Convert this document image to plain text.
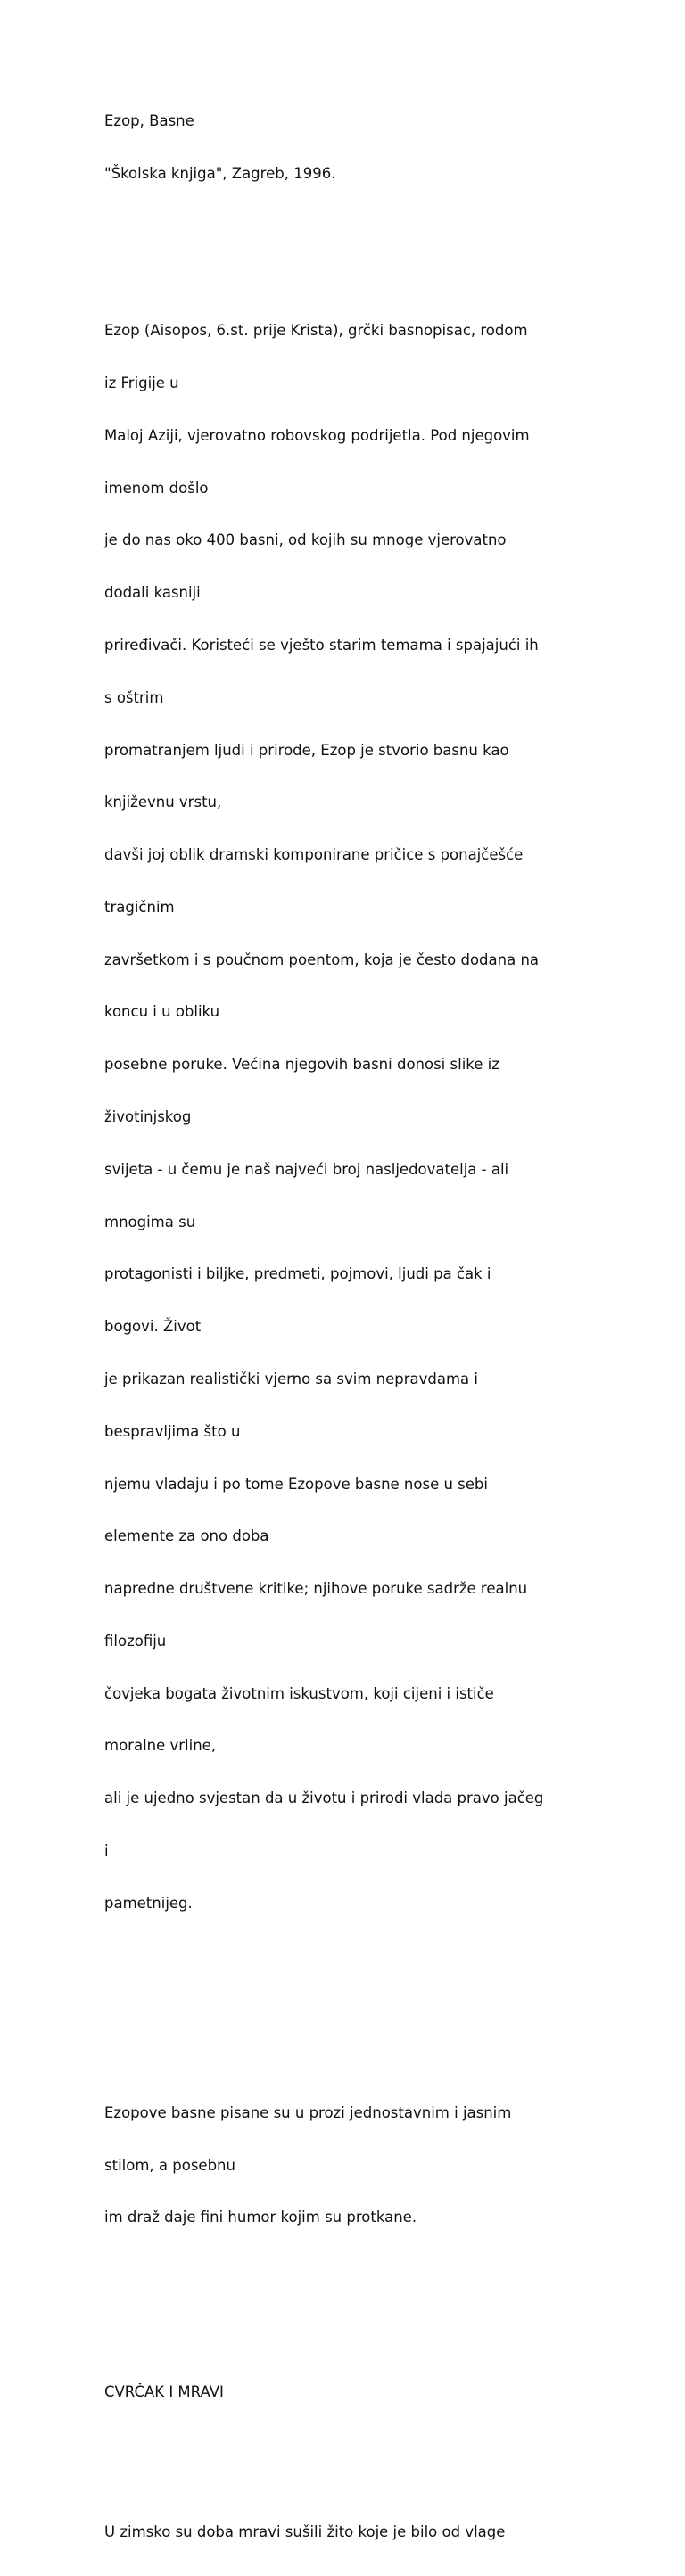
Ezop, Basne

"Školska knjiga", Zagreb, 1996.

Ezop (Aisopos, 6.st. prije Krista), grčki basnopisac, rodom

iz Frigije u

Maloj Aziji, vjerovatno robovskog podrijetla. Pod njegovim

imenom došlo

je do nas oko 400 basni, od kojih su mnoge vjerovatno

dodali kasniji

priređivači. Koristeći se vješto starim temama i spajajući ih

s oštrim

promatranjem ljudi i prirode, Ezop je stvorio basnu kao

književnu vrstu,

davši joj oblik dramski komponirane pričice s ponajčešće

tragičnim

završetkom i s poučnom poentom, koja je često dodana na

koncu i u obliku

posebne poruke. Većina njegovih basni donosi slike iz

životinjskog

svijeta - u čemu je naš najveći broj nasljedovatelja - ali

mnogima su

protagonisti i biljke, predmeti, pojmovi, ljudi pa čak i

bogovi. Život

je prikazan realistički vjerno sa svim nepravdama i

bespravljima što u

njemu vladaju i po tome Ezopove basne nose u sebi

elemente za ono doba

napredne društvene kritike; njihove poruke sadrže realnu

filozofiju

čovjeka bogata životnim iskustvom, koji cijeni i ističe

moralne vrline,

ali je ujedno svjestan da u životu i prirodi vlada pravo jačeg

i

pametnijeg.

Ezopove basne pisane su u prozi jednostavnim i jasnim

stilom, a posebnu

im draž daje fini humor kojim su protkane.

CVRČAK I MRAVI

U zimsko su doba mravi sušili žito koje je bilo od vlage
